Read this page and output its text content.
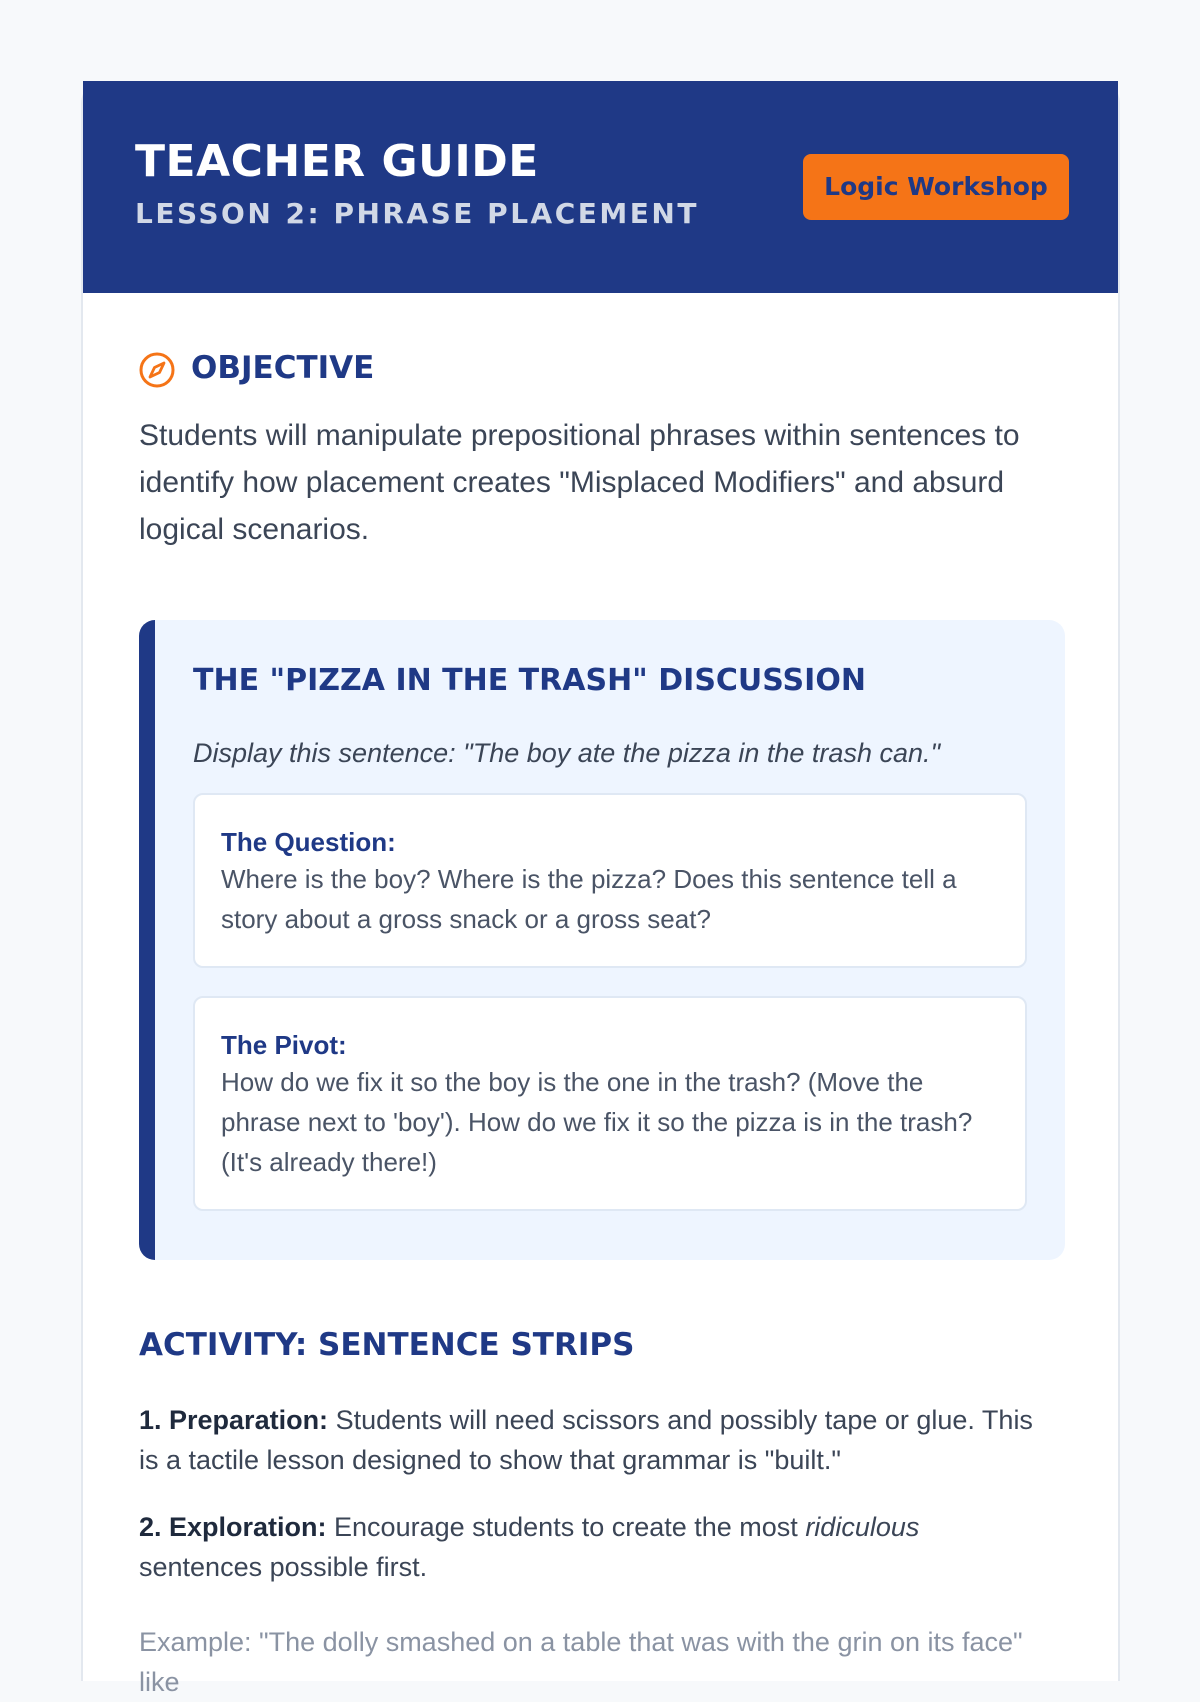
TEACHER GUIDE
LESSON 2: PHRASE PLACEMENT
Logic Workshop
OBJECTIVE

Students will manipulate prepositional phrases within sentences to identify how placement creates "Misplaced Modifiers" and absurd logical scenarios.

THE "PIZZA IN THE TRASH" DISCUSSION

Display this sentence: "The boy ate the pizza in the trash can."

The Question:
Where is the boy? Where is the pizza? Does this sentence tell a story about a gross snack or a gross seat?
The Pivot:
How do we fix it so the boy is the one in the trash? (Move the phrase next to 'boy'). How do we fix it so the pizza is in the trash? (It's already there!)
ACTIVITY: SENTENCE STRIPS

1. Preparation: Students will need scissors and possibly tape or glue. This is a tactile lesson designed to show that grammar is "built."

2. Exploration: Encourage students to create the most ridiculous sentences possible first.

Example: "The dolly smashed on a table that was with the grin on its face" like
